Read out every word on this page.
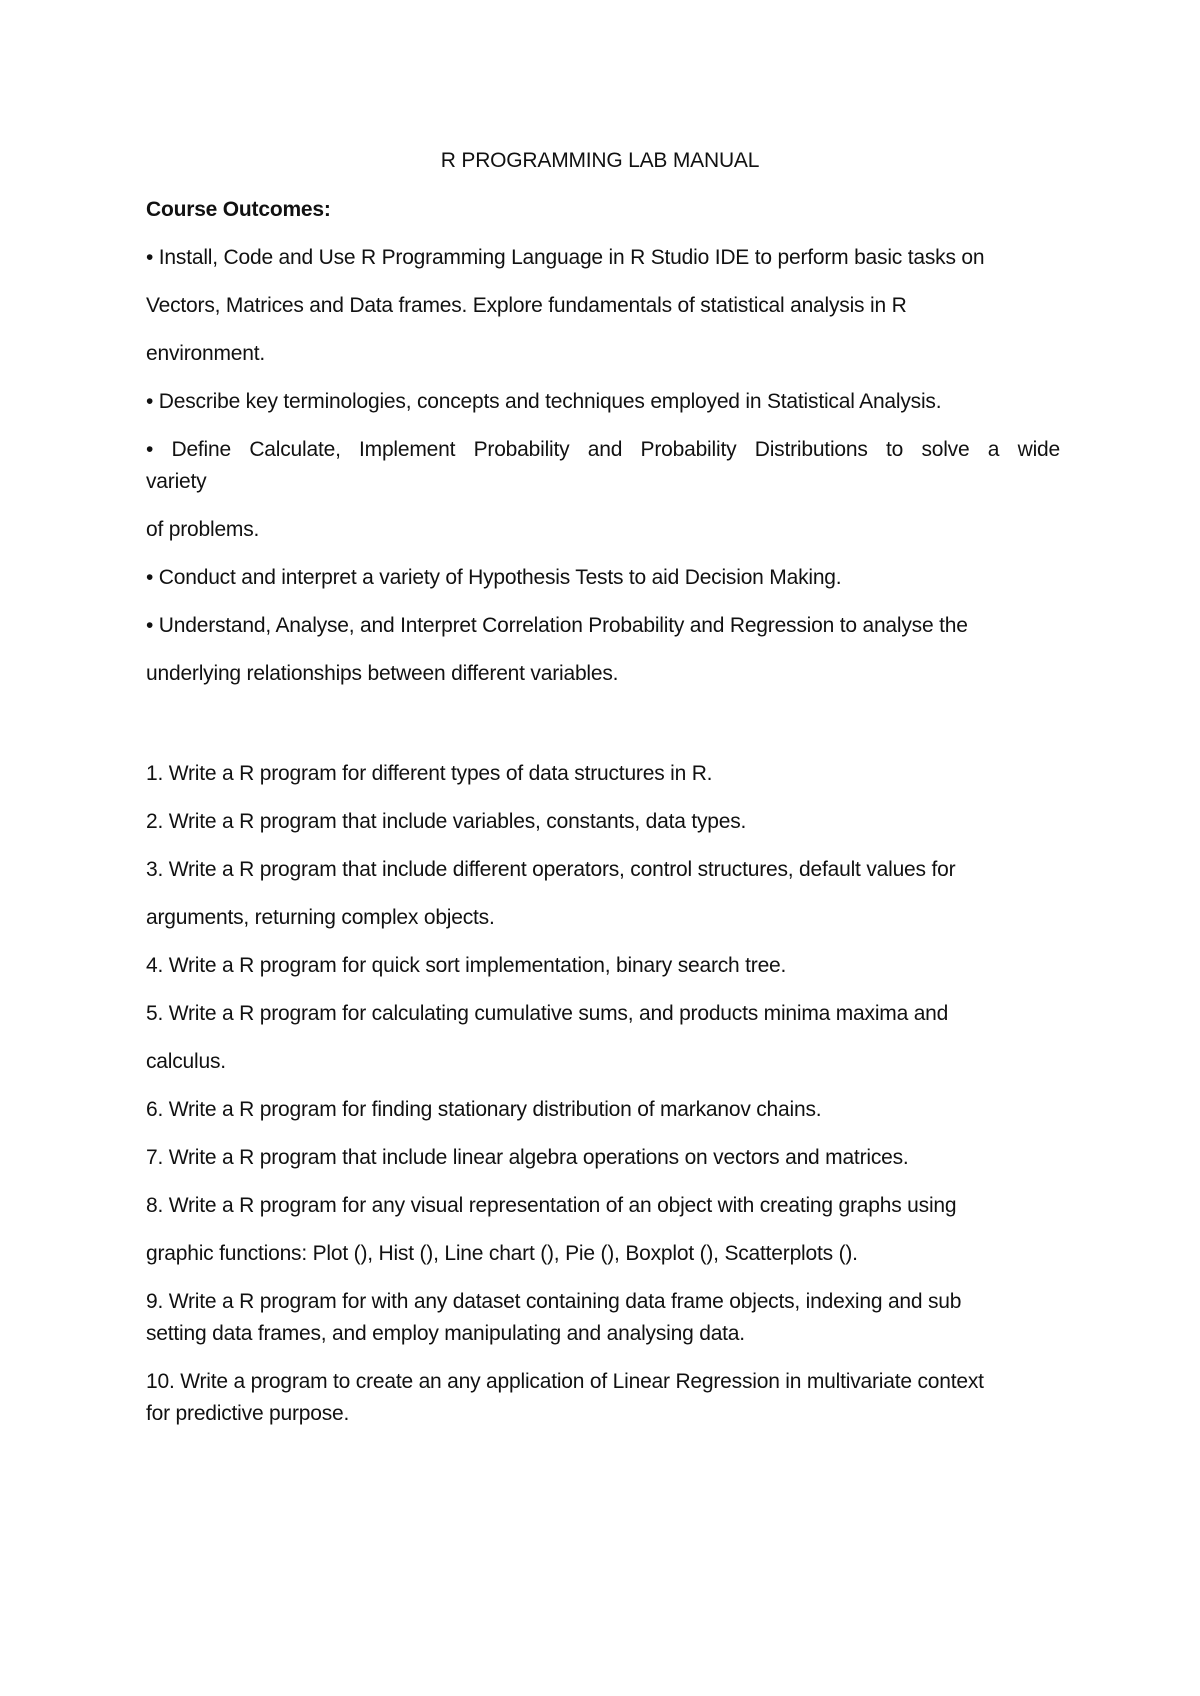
R PROGRAMMING LAB MANUAL
Course Outcomes:
• Install, Code and Use R Programming Language in R Studio IDE to perform basic tasks on
Vectors, Matrices and Data frames. Explore fundamentals of statistical analysis in R
environment.
• Describe key terminologies, concepts and techniques employed in Statistical Analysis.
• Define Calculate, Implement Probability and Probability Distributions to solve a wide
variety
of problems.
• Conduct and interpret a variety of Hypothesis Tests to aid Decision Making.
• Understand, Analyse, and Interpret Correlation Probability and Regression to analyse the
underlying relationships between different variables.
1. Write a R program for different types of data structures in R.
2. Write a R program that include variables, constants, data types.
3. Write a R program that include different operators, control structures, default values for
arguments, returning complex objects.
4. Write a R program for quick sort implementation, binary search tree.
5. Write a R program for calculating cumulative sums, and products minima maxima and
calculus.
6. Write a R program for finding stationary distribution of markanov chains.
7. Write a R program that include linear algebra operations on vectors and matrices.
8. Write a R program for any visual representation of an object with creating graphs using
graphic functions: Plot (), Hist (), Line chart (), Pie (), Boxplot (), Scatterplots ().
9. Write a R program for with any dataset containing data frame objects, indexing and sub
setting data frames, and employ manipulating and analysing data.
10. Write a program to create an any application of Linear Regression in multivariate context
for predictive purpose.
